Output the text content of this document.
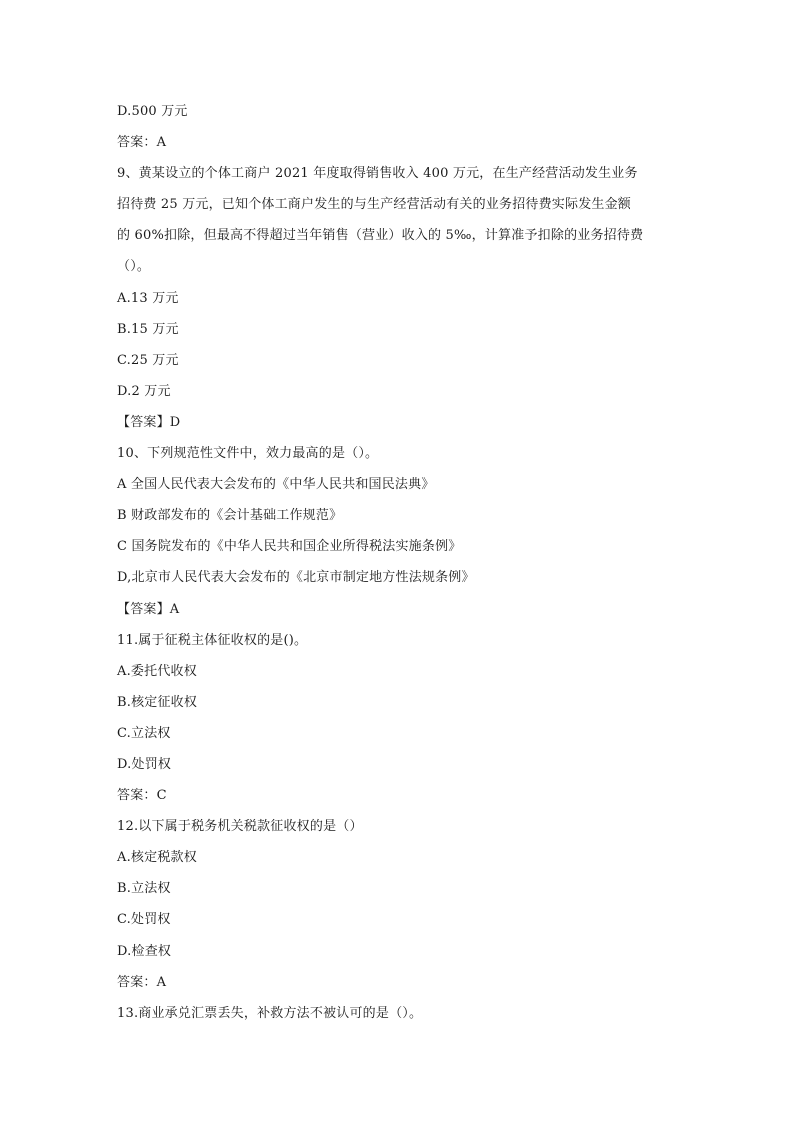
D.500 万元
答案：A
9、黄某设立的个体工商户 2021 年度取得销售收入 400 万元，在生产经营活动发生业务
招待费 25 万元，已知个体工商户发生的与生产经营活动有关的业务招待费实际发生金额
的 60%扣除，但最高不得超过当年销售（营业）收入的 5‰，计算准予扣除的业务招待费
（）。
A.13 万元
B.15 万元
C.25 万元
D.2 万元
【答案】D
10、下列规范性文件中，效力最高的是（）。
A 全国人民代表大会发布的《中华人民共和国民法典》
B 财政部发布的《会计基础工作规范》
C 国务院发布的《中华人民共和国企业所得税法实施条例》
D,北京市人民代表大会发布的《北京市制定地方性法规条例》
【答案】A
11.属于征税主体征收权的是()。
A.委托代收权
B.核定征收权
C.立法权
D.处罚权
答案：C
12.以下属于税务机关税款征收权的是（）
A.核定税款权
B.立法权
C.处罚权
D.检查权
答案：A
13.商业承兑汇票丢失，补救方法不被认可的是（）。
